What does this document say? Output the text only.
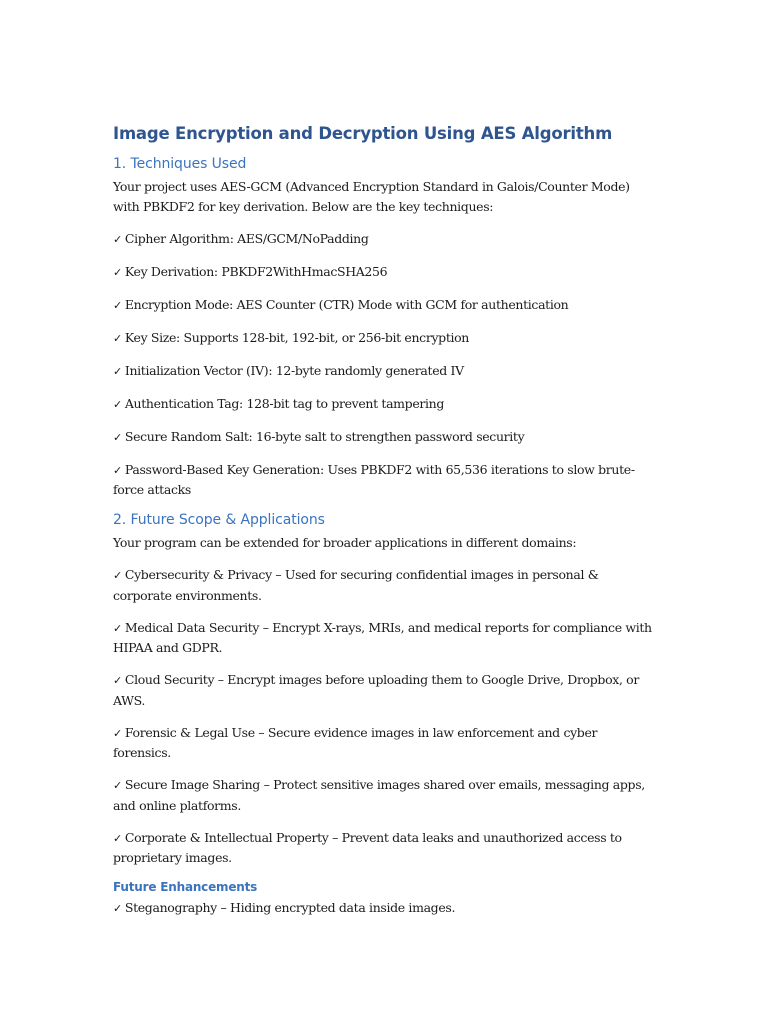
Image Encryption and Decryption Using AES Algorithm
1. Techniques Used

Your project uses AES-GCM (Advanced Encryption Standard in Galois/Counter Mode) with PBKDF2 for key derivation. Below are the key techniques:

✓ Cipher Algorithm: AES/GCM/NoPadding

✓ Key Derivation: PBKDF2WithHmacSHA256

✓ Encryption Mode: AES Counter (CTR) Mode with GCM for authentication

✓ Key Size: Supports 128-bit, 192-bit, or 256-bit encryption

✓ Initialization Vector (IV): 12-byte randomly generated IV

✓ Authentication Tag: 128-bit tag to prevent tampering

✓ Secure Random Salt: 16-byte salt to strengthen password security

✓ Password-Based Key Generation: Uses PBKDF2 with 65,536 iterations to slow brute-force attacks

2. Future Scope & Applications

Your program can be extended for broader applications in different domains:

✓ Cybersecurity & Privacy – Used for securing confidential images in personal & corporate environments.

✓ Medical Data Security – Encrypt X-rays, MRIs, and medical reports for compliance with HIPAA and GDPR.

✓ Cloud Security – Encrypt images before uploading them to Google Drive, Dropbox, or AWS.

✓ Forensic & Legal Use – Secure evidence images in law enforcement and cyber forensics.

✓ Secure Image Sharing – Protect sensitive images shared over emails, messaging apps, and online platforms.

✓ Corporate & Intellectual Property – Prevent data leaks and unauthorized access to proprietary images.

Future Enhancements

✓ Steganography – Hiding encrypted data inside images.
